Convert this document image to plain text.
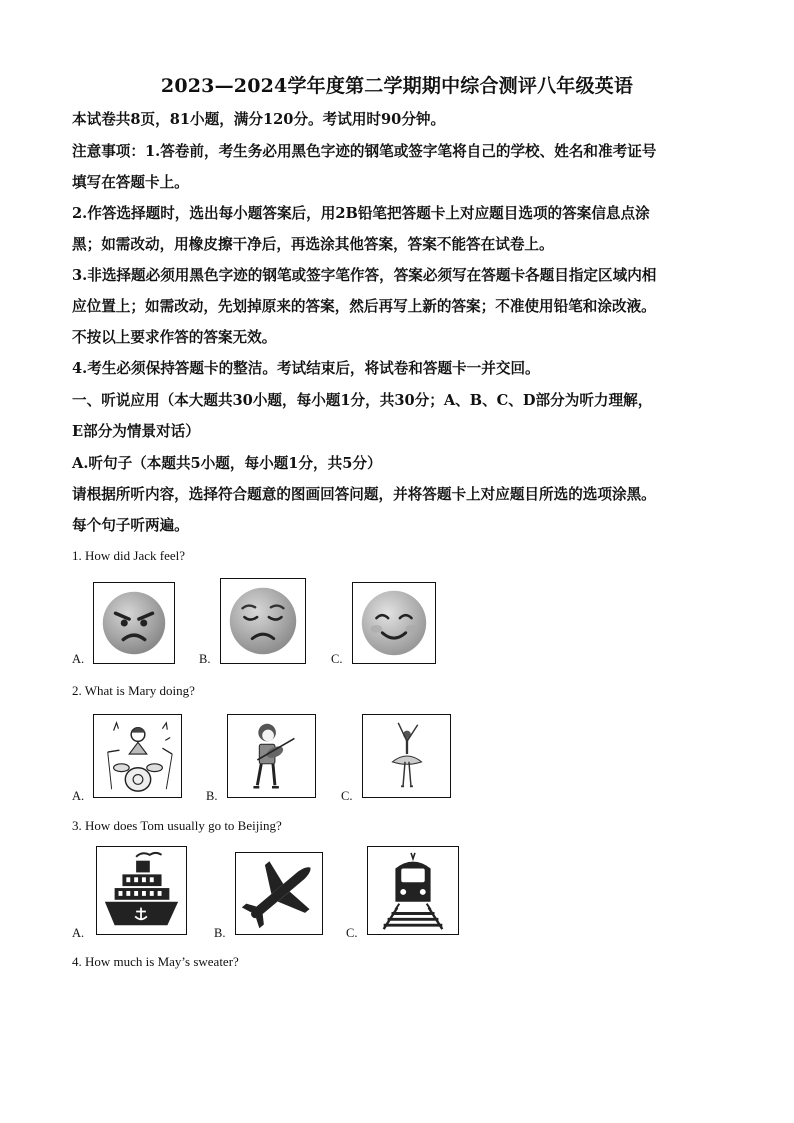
2023—2024学年度第二学期期中综合测评八年级英语
本试卷共8页，81小题，满分120分。考试用时90分钟。
注意事项：1.答卷前，考生务必用黑色字迹的钢笔或签字笔将自己的学校、姓名和准考证号
填写在答题卡上。
2.作答选择题时，选出每小题答案后，用2B铅笔把答题卡上对应题目选项的答案信息点涂
黑；如需改动，用橡皮擦干净后，再选涂其他答案，答案不能答在试卷上。
3.非选择题必须用黑色字迹的钢笔或签字笔作答，答案必须写在答题卡各题目指定区域内相
应位置上；如需改动，先划掉原来的答案，然后再写上新的答案；不准使用铅笔和涂改液。
不按以上要求作答的答案无效。
4.考生必须保持答题卡的整洁。考试结束后，将试卷和答题卡一并交回。
一、听说应用（本大题共30小题，每小题1分，共30分；A、B、C、D部分为听力理解，
E部分为情景对话）
A.听句子（本题共5小题，每小题1分，共5分）
请根据所听内容，选择符合题意的图画回答问题，并将答题卡上对应题目所选的选项涂黑。
每个句子听两遍。
1. How did Jack feel?
A.	B.	C.
2. What is Mary doing?
A.	B.	C.
3. How does Tom usually go to Beijing?
A.	B.	C.
4. How much is May’s sweater?
